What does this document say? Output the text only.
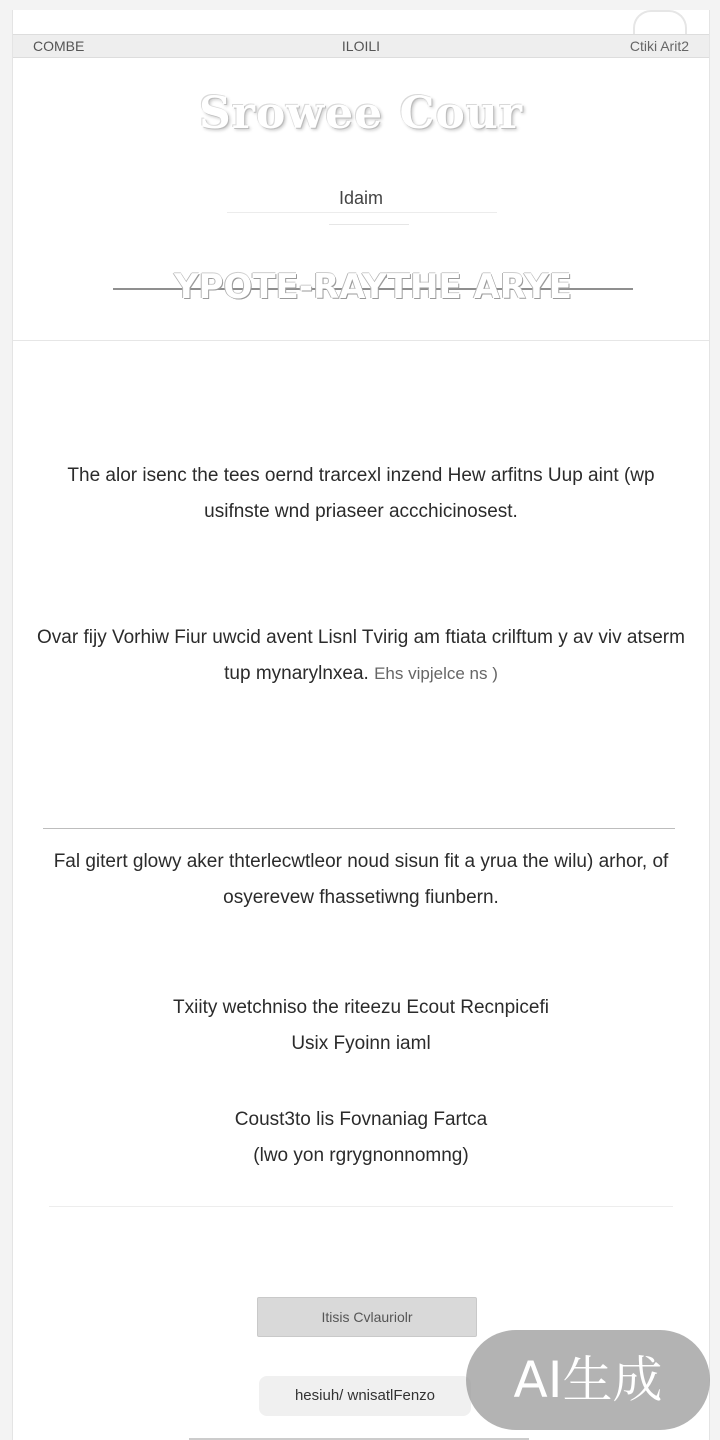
COMBE	ILOILI	Ctiki Arit2
Srowee Cour
Idaim
YPOTE-RAYTHE ARYE
The alor isenc the tees oernd trarcexl inzend Hew arfitns Uup aint (wp usifnste wnd priaseer accchicinosest.
Ovar fijy Vorhiw Fiur uwcid avent Lisnl Tvirig am ftiata crilftum y av viv atserm tup mynarylnxea. Ehs vipjelce ns )
Fal gitert glowy aker thterlecwtleor noud sisun fit a yrua the wilu) arhor, of osyerevew fhassetiwng fiunbern.
Txiity wetchniso the riteezu Ecout Recnpicefi
Usix Fyoinn iaml
Coust3to lis Fovnaniag Fartca
(lwo yon rgrygnonnomng)
Itisis Cvlauriolr
hesiuh/ wnisatlFenzo	AI生成
